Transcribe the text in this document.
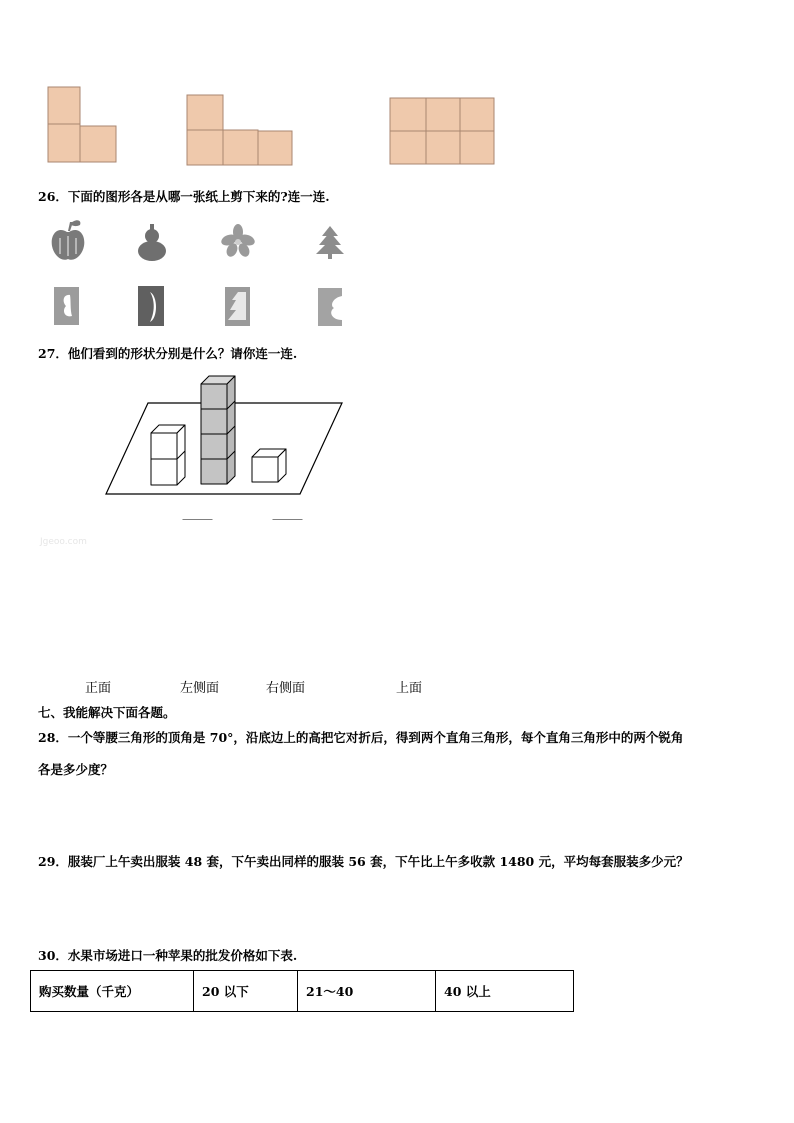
26．下面的图形各是从哪一张纸上剪下来的?连一连.
27．他们看到的形状分别是什么？请你连一连.
Jgeoo.com
正面	左侧面	右侧面	上面
七、我能解决下面各题。
28．一个等腰三角形的顶角是 70°，沿底边上的高把它对折后，得到两个直角三角形，每个直角三角形中的两个锐角
各是多少度？
29．服装厂上午卖出服装 48 套，下午卖出同样的服装 56 套，下午比上午多收款 1480 元，平均每套服装多少元？
30．水果市场进口一种苹果的批发价格如下表.
购买数量（千克）	20 以下	21～40	40 以上
